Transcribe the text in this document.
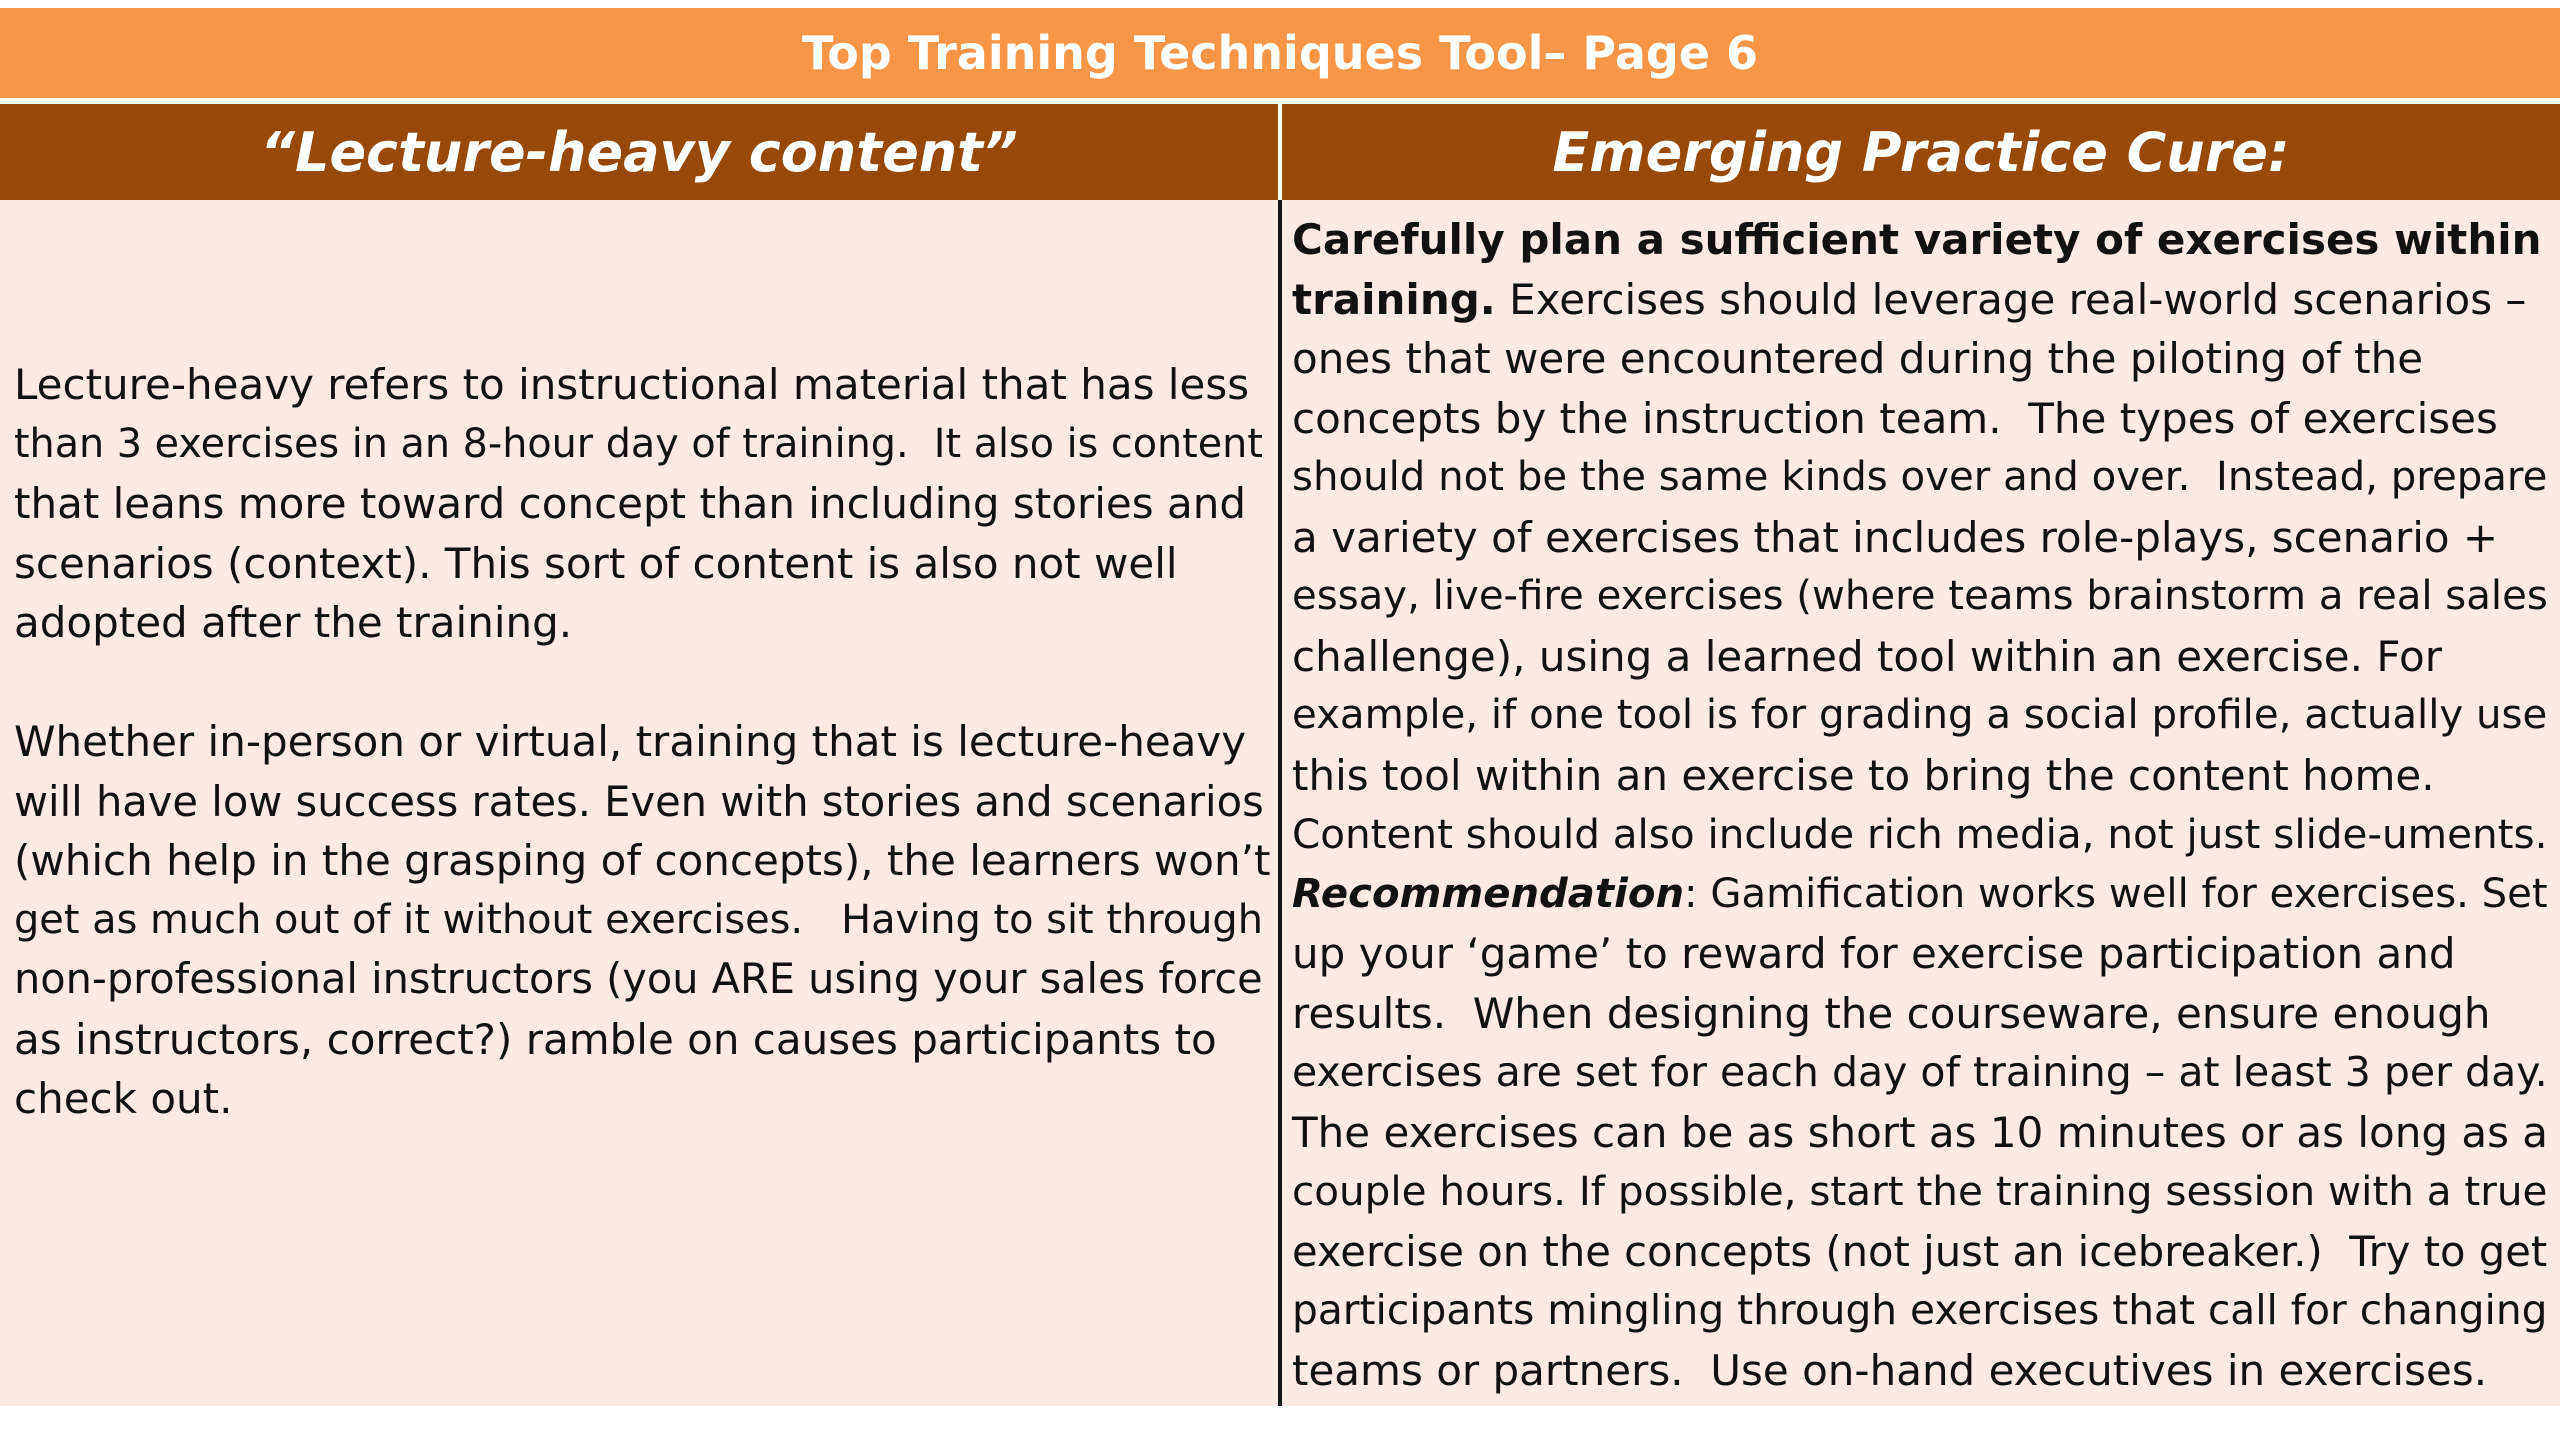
Top Training Techniques Tool– Page 6
“Lecture-heavy content”	Emerging Practice Cure:
Lecture-heavy refers to instructional material that has less
than 3 exercises in an 8-hour day of training.  It also is content
that leans more toward concept than including stories and
scenarios (context). This sort of content is also not well
adopted after the training.
Whether in-person or virtual, training that is lecture-heavy
will have low success rates. Even with stories and scenarios
(which help in the grasping of concepts), the learners won’t
get as much out of it without exercises.   Having to sit through
non-professional instructors (you ARE using your sales force
as instructors, correct?) ramble on causes participants to
check out.
Carefully plan a sufficient variety of exercises within
training. Exercises should leverage real-world scenarios –
ones that were encountered during the piloting of the
concepts by the instruction team.  The types of exercises
should not be the same kinds over and over.  Instead, prepare
a variety of exercises that includes role-plays, scenario +
essay, live-fire exercises (where teams brainstorm a real sales
challenge), using a learned tool within an exercise. For
example, if one tool is for grading a social profile, actually use
this tool within an exercise to bring the content home.
Content should also include rich media, not just slide-uments.
Recommendation: Gamification works well for exercises. Set
up your ‘game’ to reward for exercise participation and
results.  When designing the courseware, ensure enough
exercises are set for each day of training – at least 3 per day.
The exercises can be as short as 10 minutes or as long as a
couple hours. If possible, start the training session with a true
exercise on the concepts (not just an icebreaker.)  Try to get
participants mingling through exercises that call for changing
teams or partners.  Use on-hand executives in exercises.
